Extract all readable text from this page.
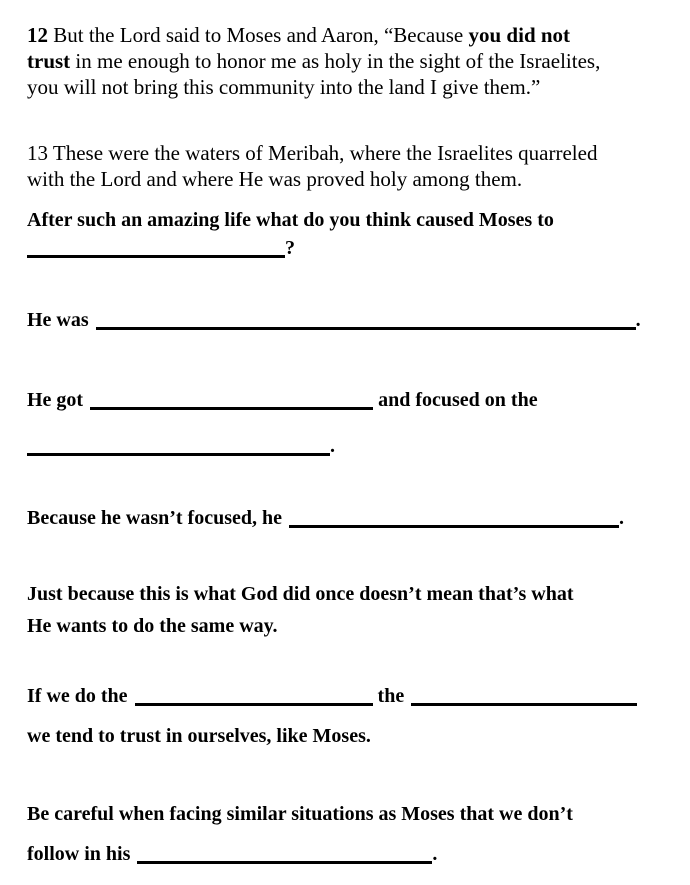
12 But the Lord said to Moses and Aaron, “Because you did not
trust in me enough to honor me as holy in the sight of the Israelites,
you will not bring this community into the land I give them.”
13 These were the waters of Meribah, where the Israelites quarreled
with the Lord and where He was proved holy among them.
After such an amazing life what do you think caused Moses to
?
He was	.
He got	and focused on the
.
Because he wasn’t focused, he	.
Just because this is what God did once doesn’t mean that’s what
He wants to do the same way.
If we do the	the
we tend to trust in ourselves, like Moses.
Be careful when facing similar situations as Moses that we don’t
follow in his	.
